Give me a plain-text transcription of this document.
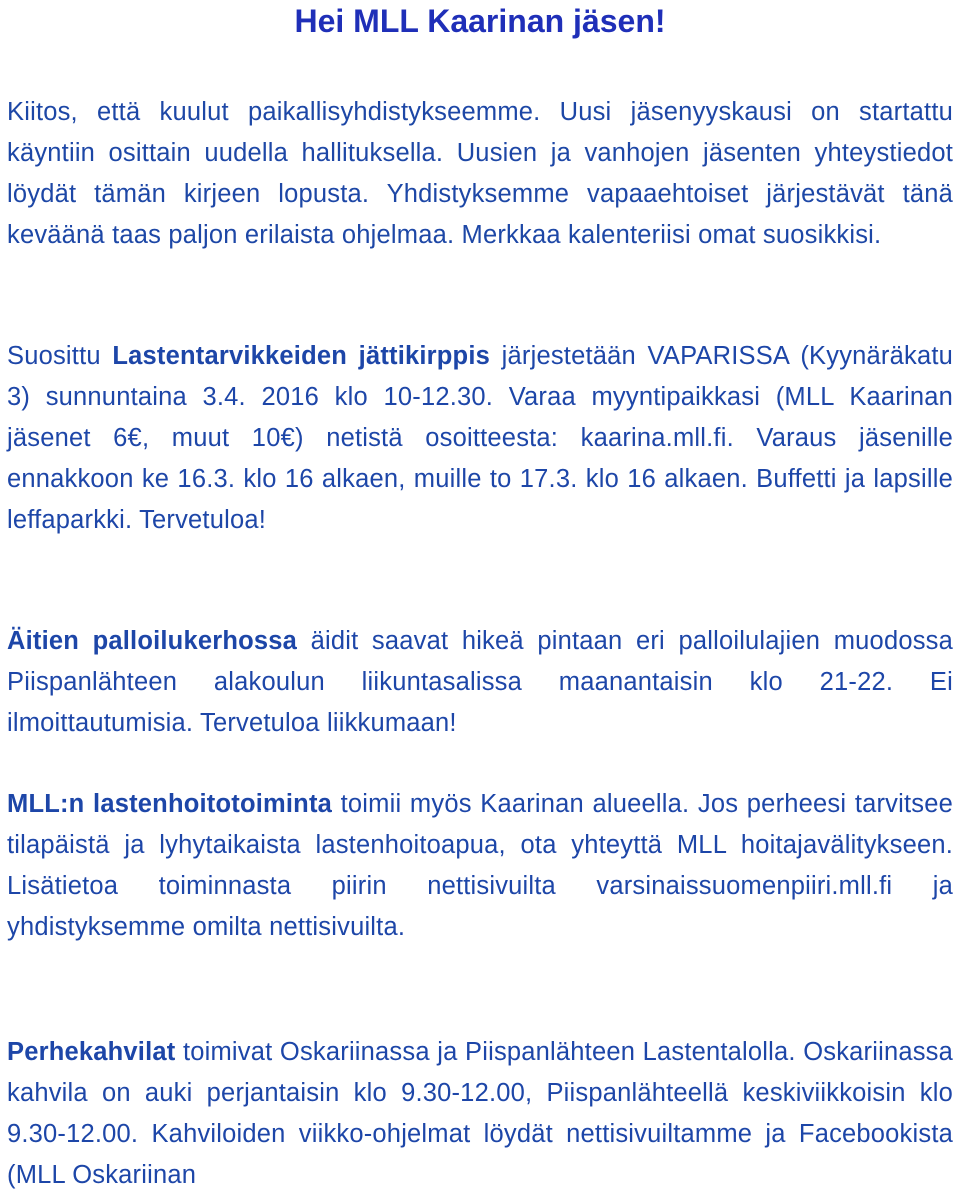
Hei MLL Kaarinan jäsen!

Kiitos, että kuulut paikallisyhdistykseemme. Uusi jäsenyyskausi on startattu käyntiin osittain uudella hallituksella. Uusien ja vanhojen jäsenten yhteystiedot löydät tämän kirjeen lopusta. Yhdistyksemme vapaaehtoiset järjestävät tänä keväänä taas paljon erilaista ohjelmaa. Merkkaa kalenteriisi omat suosikkisi.

Suosittu Lastentarvikkeiden jättikirppis järjestetään VAPARISSA (Kyynäräkatu 3) sunnuntaina 3.4. 2016 klo 10-12.30. Varaa myyntipaikkasi (MLL Kaarinan jäsenet 6€, muut 10€) netistä osoitteesta: kaarina.mll.fi. Varaus jäsenille ennakkoon ke 16.3. klo 16 alkaen, muille to 17.3. klo 16 alkaen. Buffetti ja lapsille leffaparkki. Tervetuloa!

Äitien palloilukerhossa äidit saavat hikeä pintaan eri palloilulajien muodossa Piispanlähteen alakoulun liikuntasalissa maanantaisin klo 21-22. Ei ilmoittautumisia. Tervetuloa liikkumaan!

MLL:n lastenhoitotoiminta toimii myös Kaarinan alueella. Jos perheesi tarvitsee tilapäistä ja lyhytaikaista lastenhoitoapua, ota yhteyttä MLL hoitajavälitykseen. Lisätietoa toiminnasta piirin nettisivuilta varsinaissuomenpiiri.mll.fi ja yhdistyksemme omilta nettisivuilta.

Perhekahvilat toimivat Oskariinassa ja Piispanlähteen Lastentalolla. Oskariinassa kahvila on auki perjantaisin klo 9.30-12.00, Piispanlähteellä keskiviikkoisin klo 9.30-12.00. Kahviloiden viikko-ohjelmat löydät nettisivuiltamme ja Facebookista (MLL Oskariinan
